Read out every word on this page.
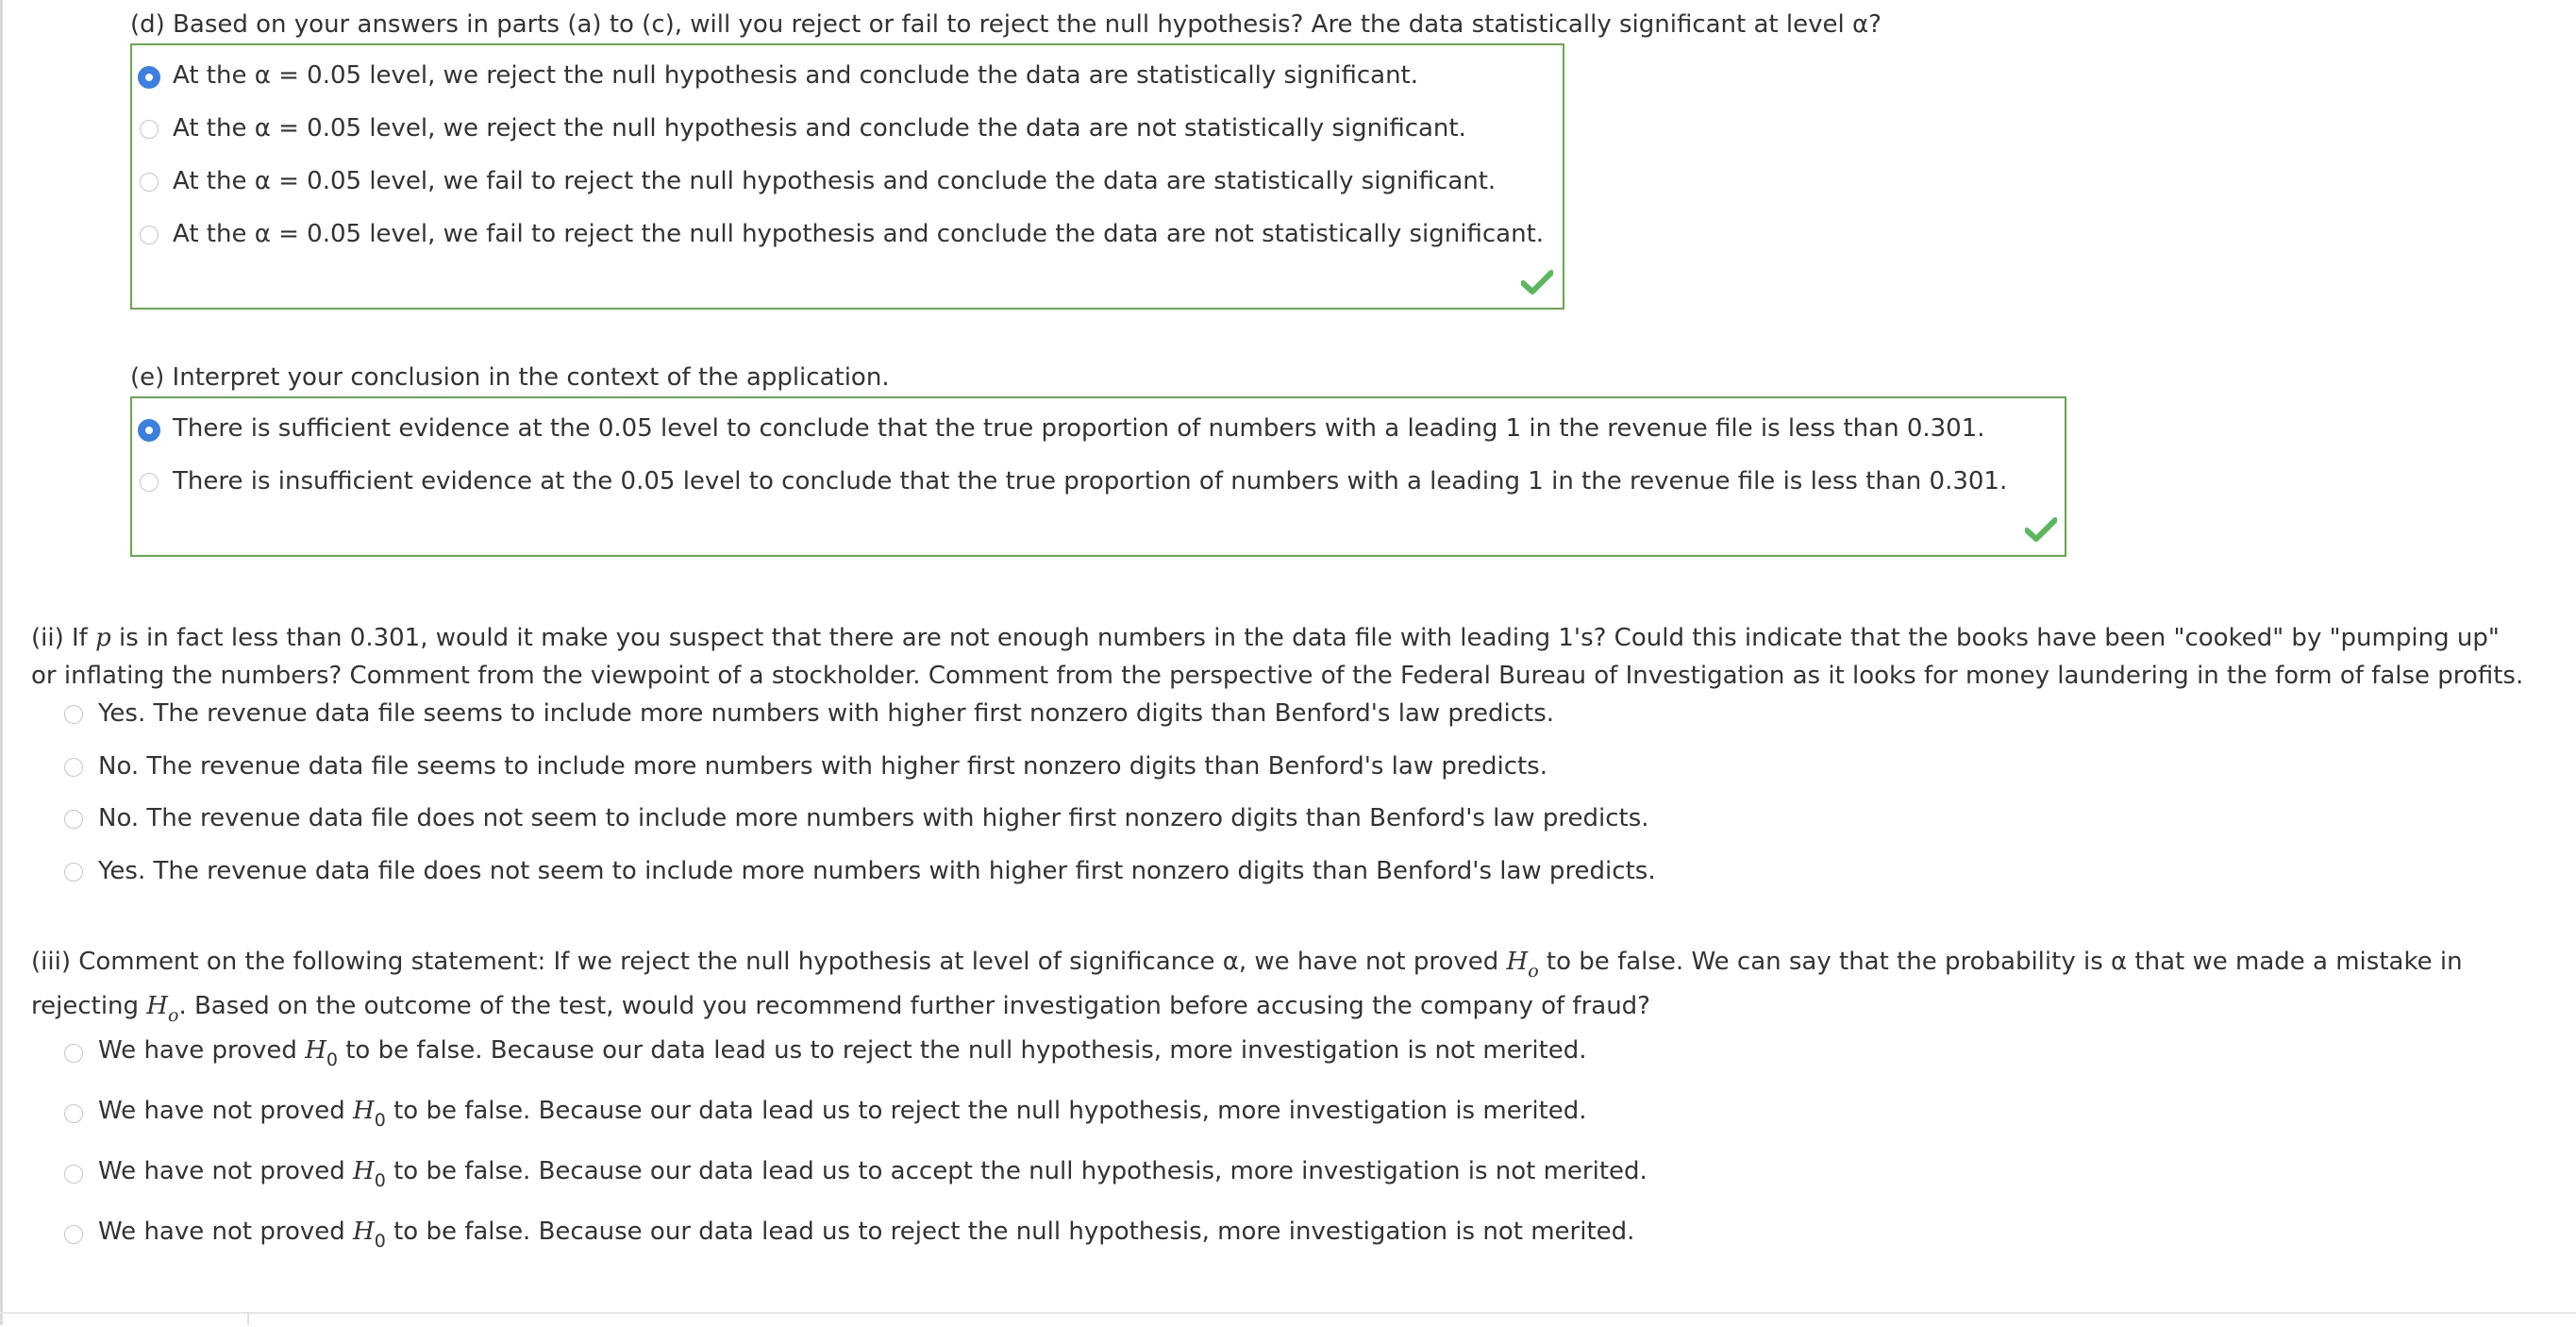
(d) Based on your answers in parts (a) to (c), will you reject or fail to reject the null hypothesis? Are the data statistically significant at level α?
At the α = 0.05 level, we reject the null hypothesis and conclude the data are statistically significant.
At the α = 0.05 level, we reject the null hypothesis and conclude the data are not statistically significant.
At the α = 0.05 level, we fail to reject the null hypothesis and conclude the data are statistically significant.
At the α = 0.05 level, we fail to reject the null hypothesis and conclude the data are not statistically significant.
(e) Interpret your conclusion in the context of the application.
There is sufficient evidence at the 0.05 level to conclude that the true proportion of numbers with a leading 1 in the revenue file is less than 0.301.
There is insufficient evidence at the 0.05 level to conclude that the true proportion of numbers with a leading 1 in the revenue file is less than 0.301.
(ii) If p is in fact less than 0.301, would it make you suspect that there are not enough numbers in the data file with leading 1's? Could this indicate that the books have been "cooked" by "pumping up"
or inflating the numbers? Comment from the viewpoint of a stockholder. Comment from the perspective of the Federal Bureau of Investigation as it looks for money laundering in the form of false profits.
Yes. The revenue data file seems to include more numbers with higher first nonzero digits than Benford's law predicts.
No. The revenue data file seems to include more numbers with higher first nonzero digits than Benford's law predicts.
No. The revenue data file does not seem to include more numbers with higher first nonzero digits than Benford's law predicts.
Yes. The revenue data file does not seem to include more numbers with higher first nonzero digits than Benford's law predicts.
(iii) Comment on the following statement: If we reject the null hypothesis at level of significance α, we have not proved $H_o$ to be false. We can say that the probability is α that we made a mistake in
rejecting $H_o$. Based on the outcome of the test, would you recommend further investigation before accusing the company of fraud?
We have proved $H_0$ to be false. Because our data lead us to reject the null hypothesis, more investigation is not merited.
We have not proved $H_0$ to be false. Because our data lead us to reject the null hypothesis, more investigation is merited.
We have not proved $H_0$ to be false. Because our data lead us to accept the null hypothesis, more investigation is not merited.
We have not proved $H_0$ to be false. Because our data lead us to reject the null hypothesis, more investigation is not merited.
